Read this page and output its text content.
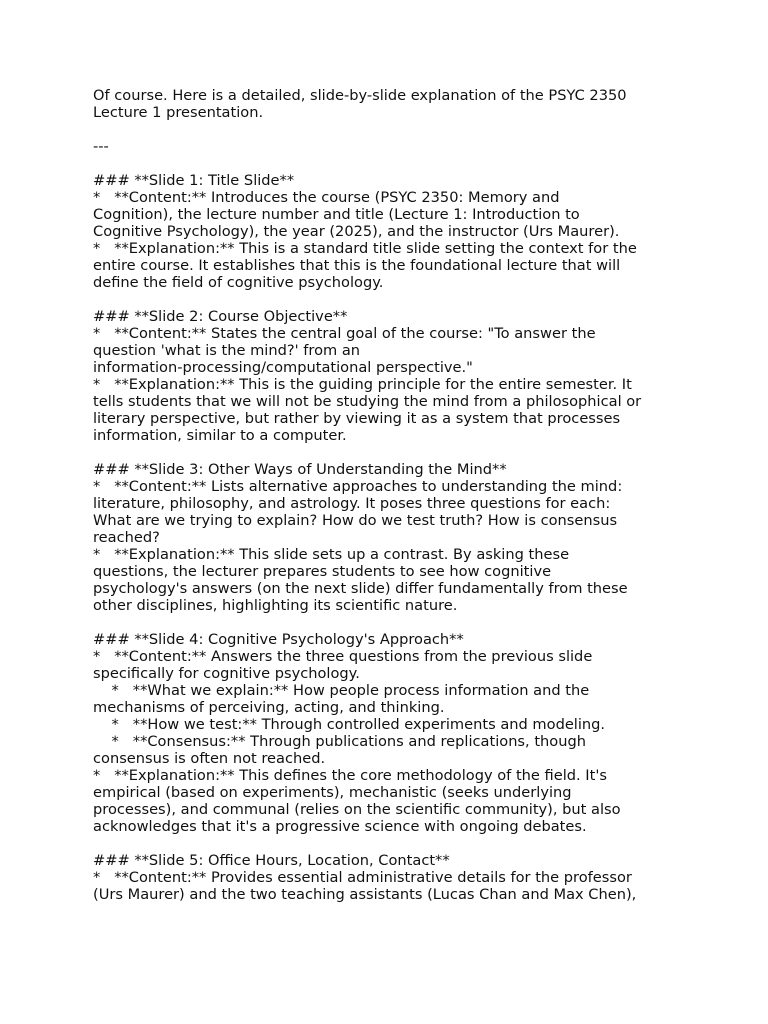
Of course. Here is a detailed, slide-by-slide explanation of the PSYC 2350
Lecture 1 presentation.
---
### **Slide 1: Title Slide**
*   **Content:** Introduces the course (PSYC 2350: Memory and
Cognition), the lecture number and title (Lecture 1: Introduction to
Cognitive Psychology), the year (2025), and the instructor (Urs Maurer).
*   **Explanation:** This is a standard title slide setting the context for the
entire course. It establishes that this is the foundational lecture that will
define the field of cognitive psychology.
### **Slide 2: Course Objective**
*   **Content:** States the central goal of the course: "To answer the
question 'what is the mind?' from an
information-processing/computational perspective."
*   **Explanation:** This is the guiding principle for the entire semester. It
tells students that we will not be studying the mind from a philosophical or
literary perspective, but rather by viewing it as a system that processes
information, similar to a computer.
### **Slide 3: Other Ways of Understanding the Mind**
*   **Content:** Lists alternative approaches to understanding the mind:
literature, philosophy, and astrology. It poses three questions for each:
What are we trying to explain? How do we test truth? How is consensus
reached?
*   **Explanation:** This slide sets up a contrast. By asking these
questions, the lecturer prepares students to see how cognitive
psychology's answers (on the next slide) differ fundamentally from these
other disciplines, highlighting its scientific nature.
### **Slide 4: Cognitive Psychology's Approach**
*   **Content:** Answers the three questions from the previous slide
specifically for cognitive psychology.
*   **What we explain:** How people process information and the
mechanisms of perceiving, acting, and thinking.
*   **How we test:** Through controlled experiments and modeling.
*   **Consensus:** Through publications and replications, though
consensus is often not reached.
*   **Explanation:** This defines the core methodology of the field. It's
empirical (based on experiments), mechanistic (seeks underlying
processes), and communal (relies on the scientific community), but also
acknowledges that it's a progressive science with ongoing debates.
### **Slide 5: Office Hours, Location, Contact**
*   **Content:** Provides essential administrative details for the professor
(Urs Maurer) and the two teaching assistants (Lucas Chan and Max Chen),
